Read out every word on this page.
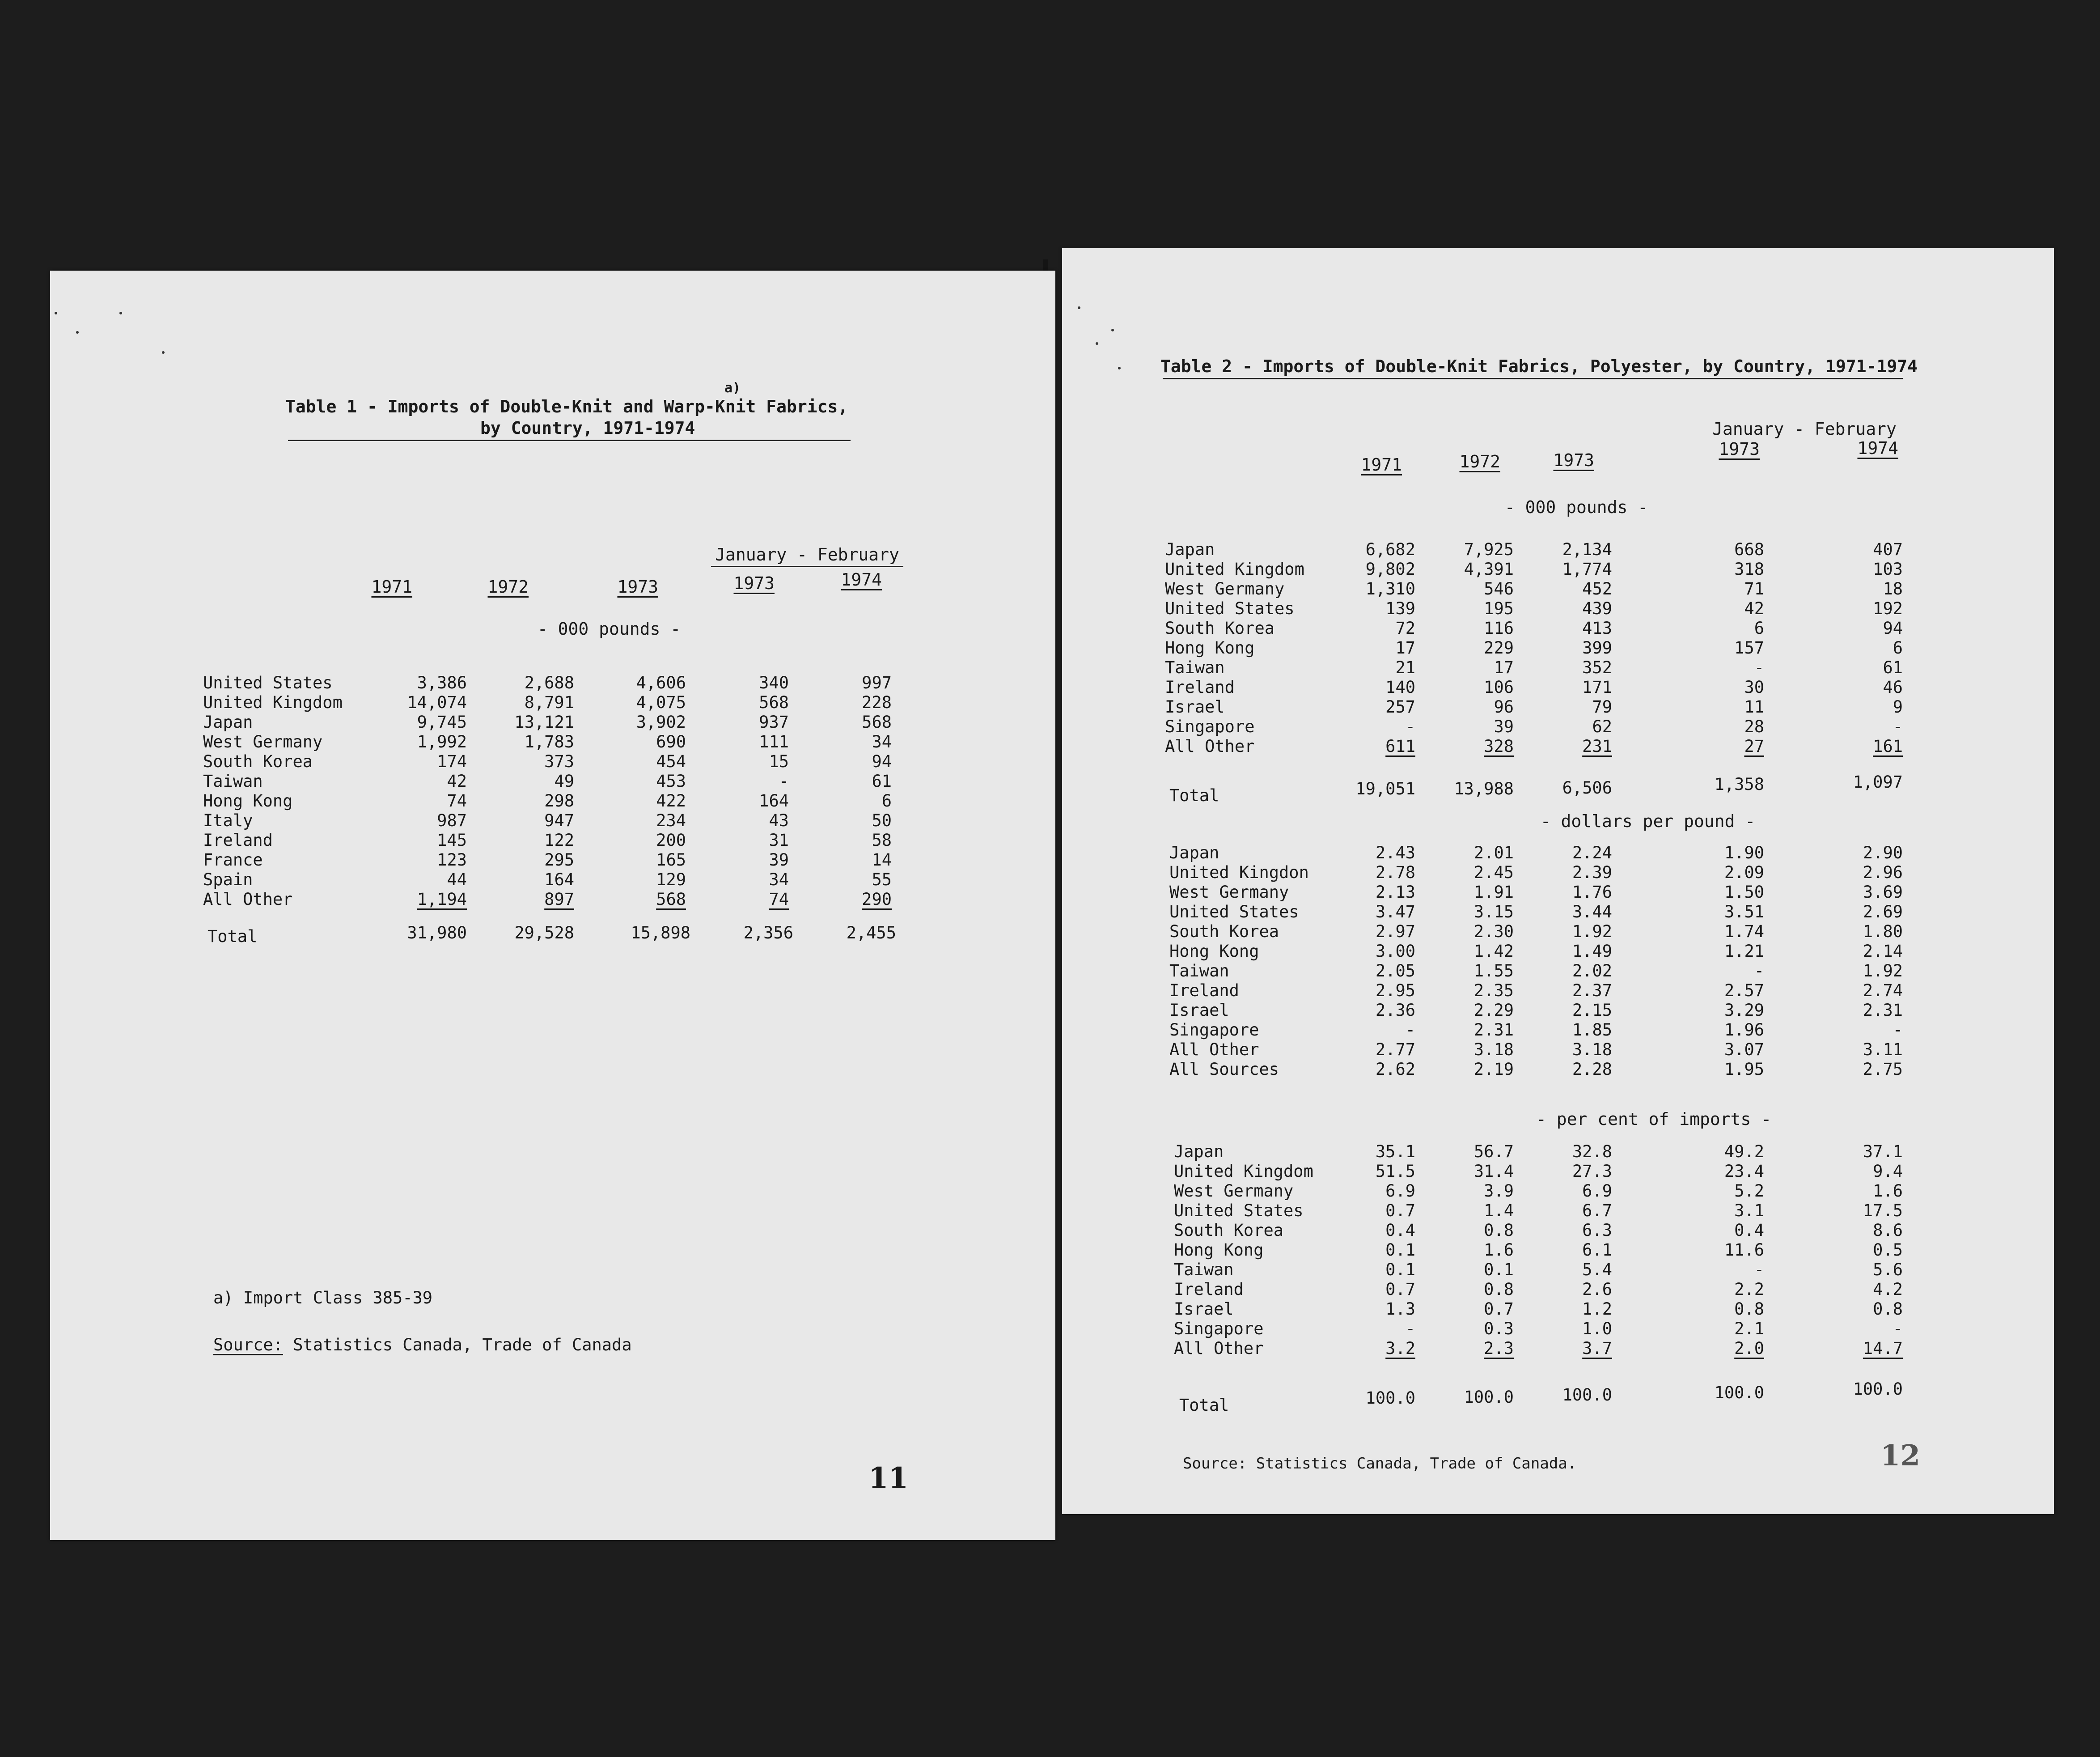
Table 1 - Imports of Double-Knit and Warp-Knit Fabrics,
a)
by Country, 1971-1974
January - February
1971	1972	1973	1973	1974
- 000 pounds -
United States	3,386	2,688	4,606	340	997
United Kingdom	14,074	8,791	4,075	568	228
Japan	9,745	13,121	3,902	937	568
West Germany	1,992	1,783	690	111	34
South Korea	174	373	454	15	94
Taiwan	42	49	453	-	61
Hong Kong	74	298	422	164	6
Italy	987	947	234	43	50
Ireland	145	122	200	31	58
France	123	295	165	39	14
Spain	44	164	129	34	55
All Other	1,194	897	568	74	290
Total	31,980	29,528	15,898	2,356	2,455
a) Import Class 385-39
Source: Statistics Canada, Trade of Canada
11
Table 2 - Imports of Double-Knit Fabrics, Polyester, by Country, 1971-1974
January - February
1971	1972	1973
1973	1974
- 000 pounds -
Japan	6,682	7,925	2,134	668	407
United Kingdom	9,802	4,391	1,774	318	103
West Germany	1,310	546	452	71	18
United States	139	195	439	42	192
South Korea	72	116	413	6	94
Hong Kong	17	229	399	157	6
Taiwan	21	17	352	-	61
Ireland	140	106	171	30	46
Israel	257	96	79	11	9
Singapore	-	39	62	28	-
All Other	611	328	231	27	161
Total	19,051	13,988	6,506	1,358	1,097
- dollars per pound -
Japan	2.43	2.01	2.24	1.90	2.90
United Kingdon	2.78	2.45	2.39	2.09	2.96
West Germany	2.13	1.91	1.76	1.50	3.69
United States	3.47	3.15	3.44	3.51	2.69
South Korea	2.97	2.30	1.92	1.74	1.80
Hong Kong	3.00	1.42	1.49	1.21	2.14
Taiwan	2.05	1.55	2.02	-	1.92
Ireland	2.95	2.35	2.37	2.57	2.74
Israel	2.36	2.29	2.15	3.29	2.31
Singapore	-	2.31	1.85	1.96	-
All Other	2.77	3.18	3.18	3.07	3.11
All Sources	2.62	2.19	2.28	1.95	2.75
- per cent of imports -
Japan	35.1	56.7	32.8	49.2	37.1
United Kingdom	51.5	31.4	27.3	23.4	9.4
West Germany	6.9	3.9	6.9	5.2	1.6
United States	0.7	1.4	6.7	3.1	17.5
South Korea	0.4	0.8	6.3	0.4	8.6
Hong Kong	0.1	1.6	6.1	11.6	0.5
Taiwan	0.1	0.1	5.4	-	5.6
Ireland	0.7	0.8	2.6	2.2	4.2
Israel	1.3	0.7	1.2	0.8	0.8
Singapore	-	0.3	1.0	2.1	-
All Other	3.2	2.3	3.7	2.0	14.7
Total	100.0	100.0	100.0	100.0	100.0
Source: Statistics Canada, Trade of Canada.	12
